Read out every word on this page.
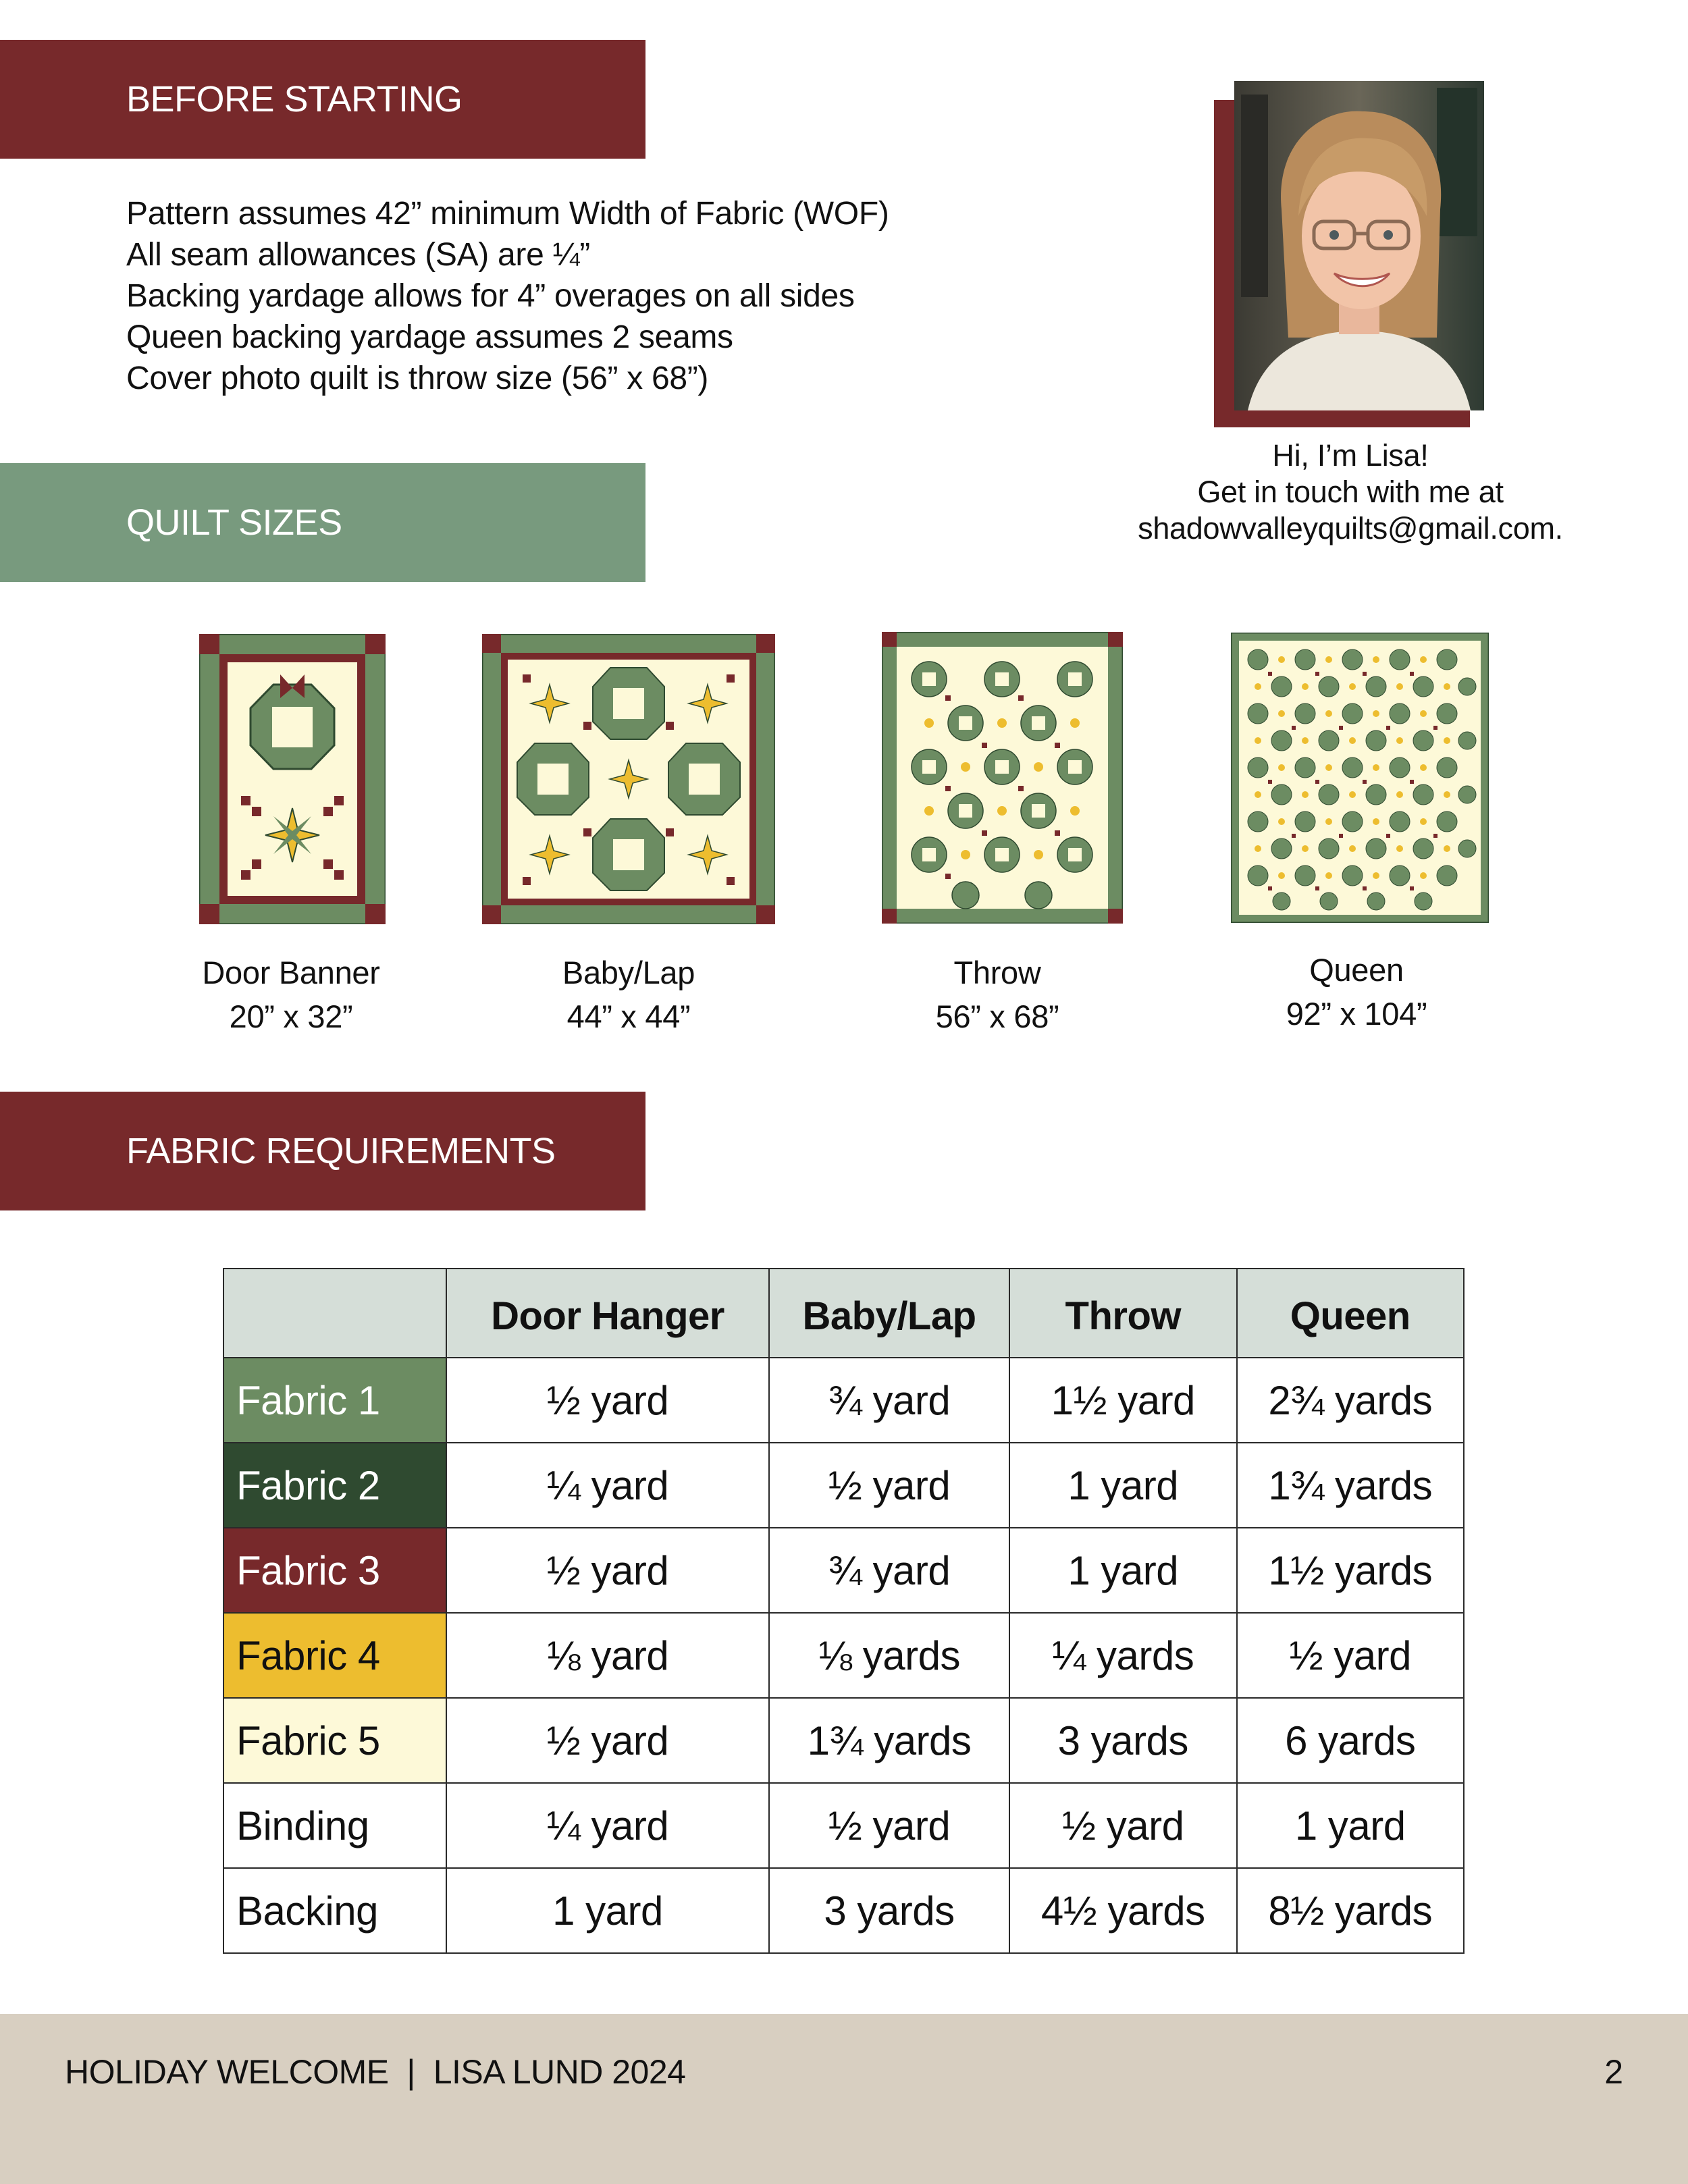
BEFORE STARTING
Pattern assumes 42” minimum Width of Fabric (WOF)
All seam allowances (SA) are ¼”
Backing yardage allows for 4” overages on all sides
Queen backing yardage assumes 2 seams
Cover photo quilt is throw size (56” x 68”)
Hi, I’m Lisa!
Get in touch with me at
shadowvalleyquilts@gmail.com.
QUILT SIZES
Door Banner
20” x 32”
Baby/Lap
44” x 44”
Throw
56” x 68”
Queen
92” x 104”
FABRIC REQUIREMENTS
	Door Hanger	Baby/Lap	Throw	Queen
Fabric 1	½ yard	¾ yard	1½ yard	2¾ yards
Fabric 2	¼ yard	½ yard	1 yard	1¾ yards
Fabric 3	½ yard	¾ yard	1 yard	1½ yards
Fabric 4	⅛ yard	⅛ yards	¼ yards	½ yard
Fabric 5	½ yard	1¾ yards	3 yards	6 yards
Binding	¼ yard	½ yard	½ yard	1 yard
Backing	1 yard	3 yards	4½ yards	8½ yards
HOLIDAY WELCOME  |  LISA LUND 2024	2
